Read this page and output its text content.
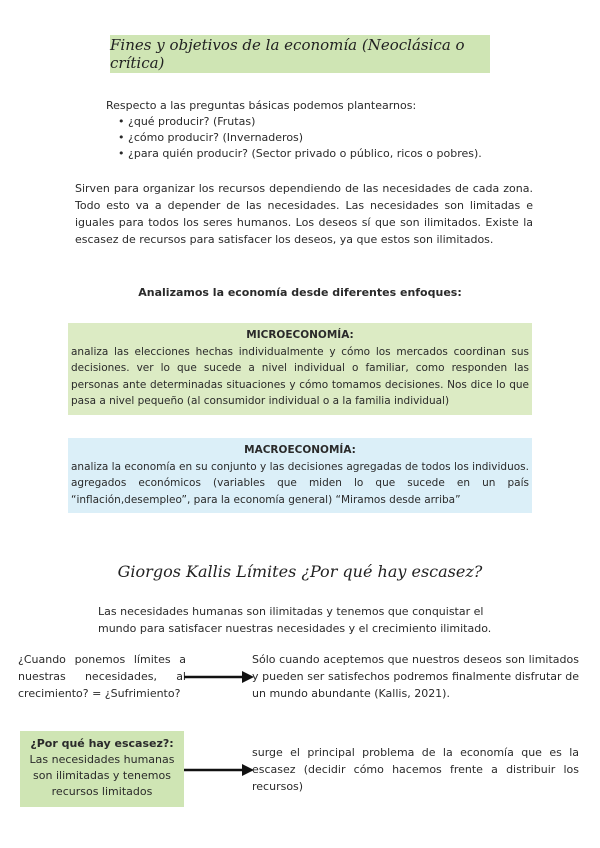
Fines y objetivos de la economía (Neoclásica o crítica)

Respecto a las preguntas básicas podemos plantearnos:

• ¿qué producir? (Frutas)
• ¿cómo producir? (Invernaderos)
• ¿para quién producir? (Sector privado o público, ricos o pobres).

Sirven para organizar los recursos dependiendo de las necesidades de cada zona. Todo esto va a depender de las necesidades. Las necesidades son limitadas e iguales para todos los seres humanos. Los deseos sí que son ilimitados. Existe la escasez de recursos para satisfacer los deseos, ya que estos son ilimitados.

Analizamos la economía desde diferentes enfoques:
MICROECONOMÍA:
analiza las elecciones hechas individualmente y cómo los mercados coordinan sus decisiones. ver lo que sucede a nivel individual o familiar, como responden las personas ante determinadas situaciones y cómo tomamos decisiones. Nos dice lo que pasa a nivel pequeño (al consumidor individual o a la familia individual)
MACROECONOMÍA:
analiza la economía en su conjunto y las decisiones agregadas de todos los individuos. agregados económicos (variables que miden lo que sucede en un país “inflación,desempleo”, para la economía general) “Miramos desde arriba”
Giorgos Kallis Límites ¿Por qué hay escasez?

Las necesidades humanas son ilimitadas y tenemos que conquistar el mundo para satisfacer nuestras necesidades y el crecimiento ilimitado.

¿Cuando ponemos límites a nuestras necesidades, al crecimiento? = ¿Sufrimiento?

Sólo cuando aceptemos que nuestros deseos son limitados y pueden ser satisfechos podremos finalmente disfrutar de un mundo abundante (Kallis, 2021).

¿Por qué hay escasez?:
Las necesidades humanas son ilimitadas y tenemos recursos limitados

surge el principal problema de la economía que es la escasez (decidir cómo hacemos frente a distribuir los recursos)
